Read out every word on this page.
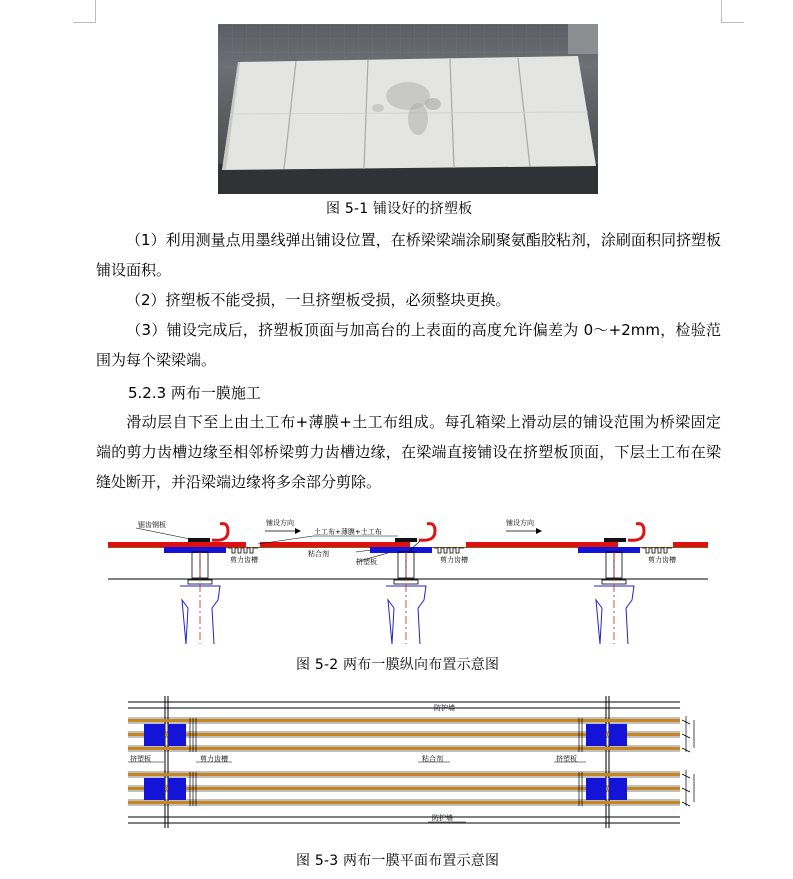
图 5-1 铺设好的挤塑板

（1）利用测量点用墨线弹出铺设位置，在桥梁梁端涂刷聚氨酯胶粘剂，涂刷面积同挤塑板铺设面积。

（2）挤塑板不能受损，一旦挤塑板受损，必须整块更换。

（3）铺设完成后，挤塑板顶面与加高台的上表面的高度允许偏差为 0～+2mm，检验范围为每个梁梁端。

5.2.3 两布一膜施工

滑动层自下至上由土工布+薄膜+土工布组成。每孔箱梁上滑动层的铺设范围为桥梁固定端的剪力齿槽边缘至相邻桥梁剪力齿槽边缘，在梁端直接铺设在挤塑板顶面，下层土工布在梁缝处断开，并沿梁端边缘将多余部分剪除。

锯齿钢板	铺设方向
土工布+薄膜+土工布
铺设方向
剪力齿槽
粘合剂
挤塑板	剪力齿槽	剪力齿槽
图 5-2 两布一膜纵向布置示意图
防护墙
挤塑板	剪力齿槽	粘合剂	挤塑板
防护墙
图 5-3 两布一膜平面布置示意图
